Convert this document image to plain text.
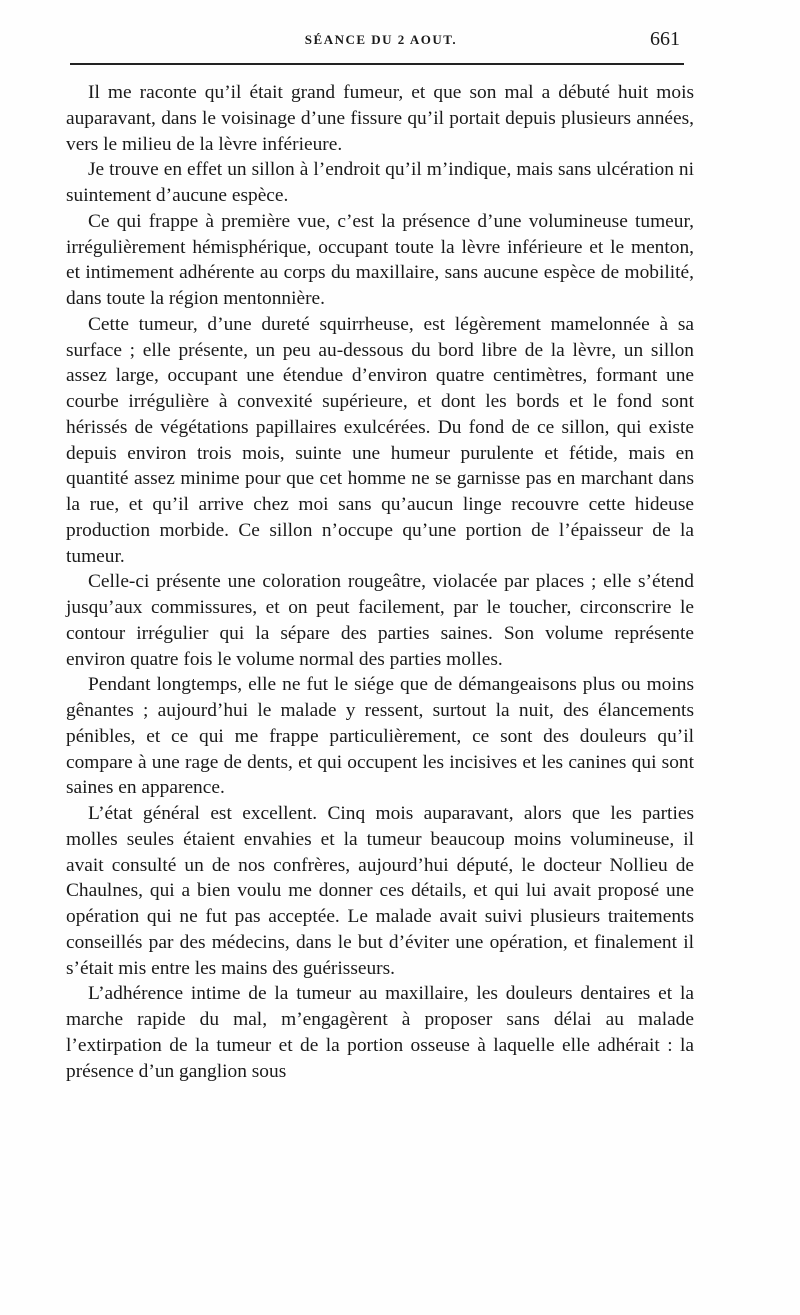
SÉANCE DU 2 AOUT.	661

Il me raconte qu’il était grand fumeur, et que son mal a débuté huit mois auparavant, dans le voisinage d’une fissure qu’il portait depuis plusieurs années, vers le milieu de la lèvre inférieure.

Je trouve en effet un sillon à l’endroit qu’il m’indique, mais sans ulcération ni suintement d’aucune espèce.

Ce qui frappe à première vue, c’est la présence d’une volumineuse tumeur, irrégulièrement hémisphérique, occupant toute la lèvre inférieure et le menton, et intimement adhérente au corps du maxillaire, sans aucune espèce de mobilité, dans toute la région mentonnière.

Cette tumeur, d’une dureté squirrheuse, est légèrement mamelonnée à sa surface ; elle présente, un peu au-dessous du bord libre de la lèvre, un sillon assez large, occupant une étendue d’environ quatre centimètres, formant une courbe irrégulière à convexité supérieure, et dont les bords et le fond sont hérissés de végétations papillaires exulcérées. Du fond de ce sillon, qui existe depuis environ trois mois, suinte une humeur purulente et fétide, mais en quantité assez minime pour que cet homme ne se garnisse pas en marchant dans la rue, et qu’il arrive chez moi sans qu’aucun linge recouvre cette hideuse production morbide. Ce sillon n’occupe qu’une portion de l’épaisseur de la tumeur.

Celle-ci présente une coloration rougeâtre, violacée par places ; elle s’étend jusqu’aux commissures, et on peut facilement, par le toucher, circonscrire le contour irrégulier qui la sépare des parties saines. Son volume représente environ quatre fois le volume normal des parties molles.

Pendant longtemps, elle ne fut le siége que de démangeaisons plus ou moins gênantes ; aujourd’hui le malade y ressent, surtout la nuit, des élancements pénibles, et ce qui me frappe particulièrement, ce sont des douleurs qu’il compare à une rage de dents, et qui occupent les incisives et les canines qui sont saines en apparence.

L’état général est excellent. Cinq mois auparavant, alors que les parties molles seules étaient envahies et la tumeur beaucoup moins volumineuse, il avait consulté un de nos confrères, aujourd’hui député, le docteur Nollieu de Chaulnes, qui a bien voulu me donner ces détails, et qui lui avait proposé une opération qui ne fut pas acceptée. Le malade avait suivi plusieurs traitements conseillés par des médecins, dans le but d’éviter une opération, et finalement il s’était mis entre les mains des guérisseurs.

L’adhérence intime de la tumeur au maxillaire, les douleurs dentaires et la marche rapide du mal, m’engagèrent à proposer sans délai au malade l’extirpation de la tumeur et de la portion osseuse à laquelle elle adhérait : la présence d’un ganglion sous
